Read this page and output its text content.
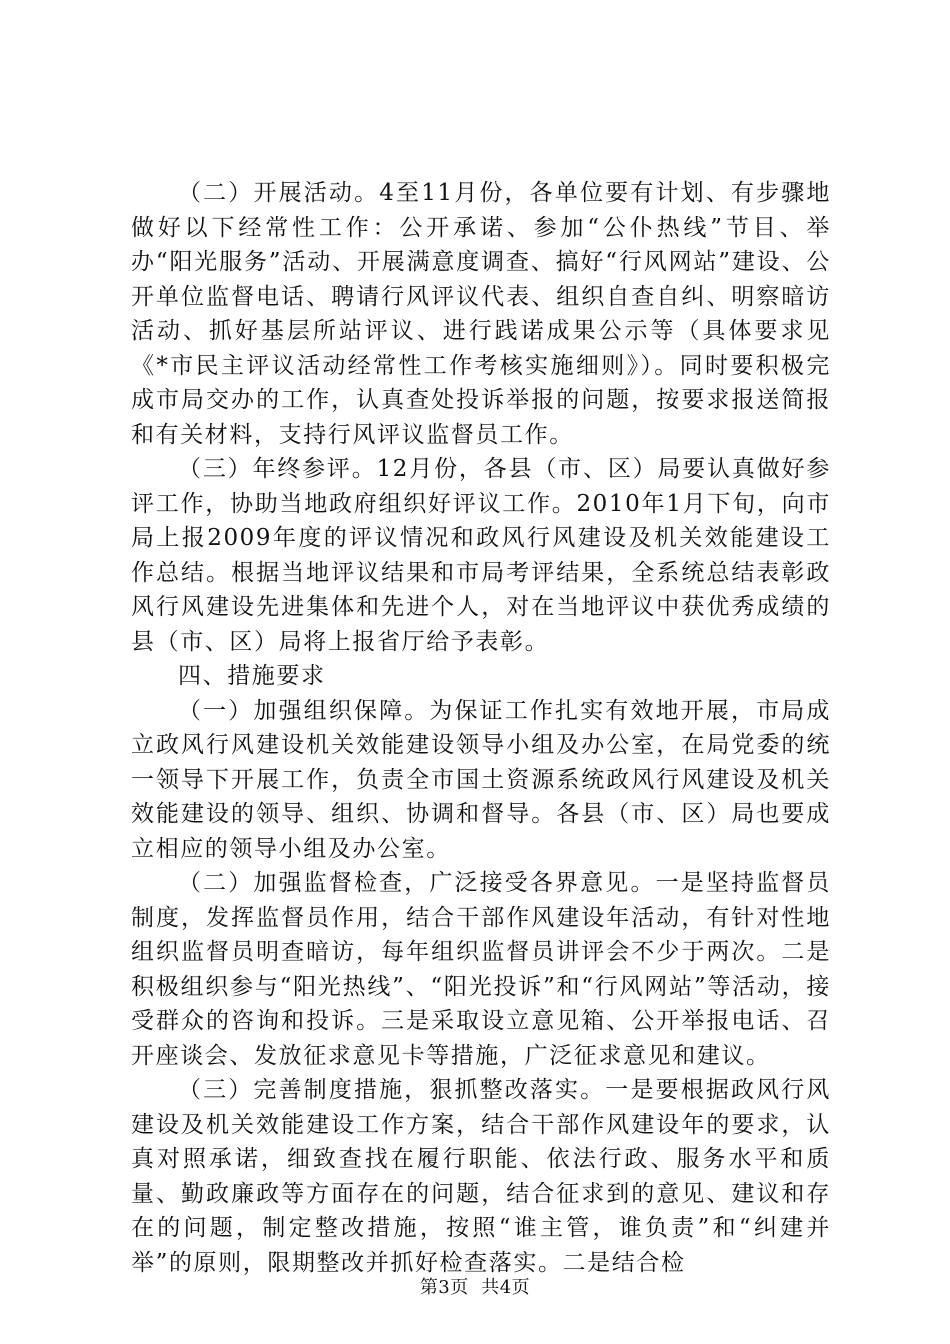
（二）开展活动。4至11月份，各单位要有计划、有步骤地做好以下经常性工作：公开承诺、参加“公仆热线”节目、举办“阳光服务”活动、开展满意度调查、搞好“行风网站”建设、公开单位监督电话、聘请行风评议代表、组织自查自纠、明察暗访活动、抓好基层所站评议、进行践诺成果公示等（具体要求见《*市民主评议活动经常性工作考核实施细则》）。同时要积极完成市局交办的工作，认真查处投诉举报的问题，按要求报送简报和有关材料，支持行风评议监督员工作。

（三）年终参评。12月份，各县（市、区）局要认真做好参评工作，协助当地政府组织好评议工作。2010年1月下旬，向市局上报2009年度的评议情况和政风行风建设及机关效能建设工作总结。根据当地评议结果和市局考评结果，全系统总结表彰政风行风建设先进集体和先进个人，对在当地评议中获优秀成绩的县（市、区）局将上报省厅给予表彰。

四、措施要求

（一）加强组织保障。为保证工作扎实有效地开展，市局成立政风行风建设机关效能建设领导小组及办公室，在局党委的统一领导下开展工作，负责全市国土资源系统政风行风建设及机关效能建设的领导、组织、协调和督导。各县（市、区）局也要成立相应的领导小组及办公室。

（二）加强监督检查，广泛接受各界意见。一是坚持监督员制度，发挥监督员作用，结合干部作风建设年活动，有针对性地组织监督员明查暗访，每年组织监督员讲评会不少于两次。二是积极组织参与“阳光热线”、“阳光投诉”和“行风网站”等活动，接受群众的咨询和投诉。三是采取设立意见箱、公开举报电话、召开座谈会、发放征求意见卡等措施，广泛征求意见和建议。

（三）完善制度措施，狠抓整改落实。一是要根据政风行风建设及机关效能建设工作方案，结合干部作风建设年的要求，认真对照承诺，细致查找在履行职能、依法行政、服务水平和质量、勤政廉政等方面存在的问题，结合征求到的意见、建议和存在的问题，制定整改措施，按照“谁主管，谁负责”和“纠建并举”的原则，限期整改并抓好检查落实。二是结合检

第3页  共4页
